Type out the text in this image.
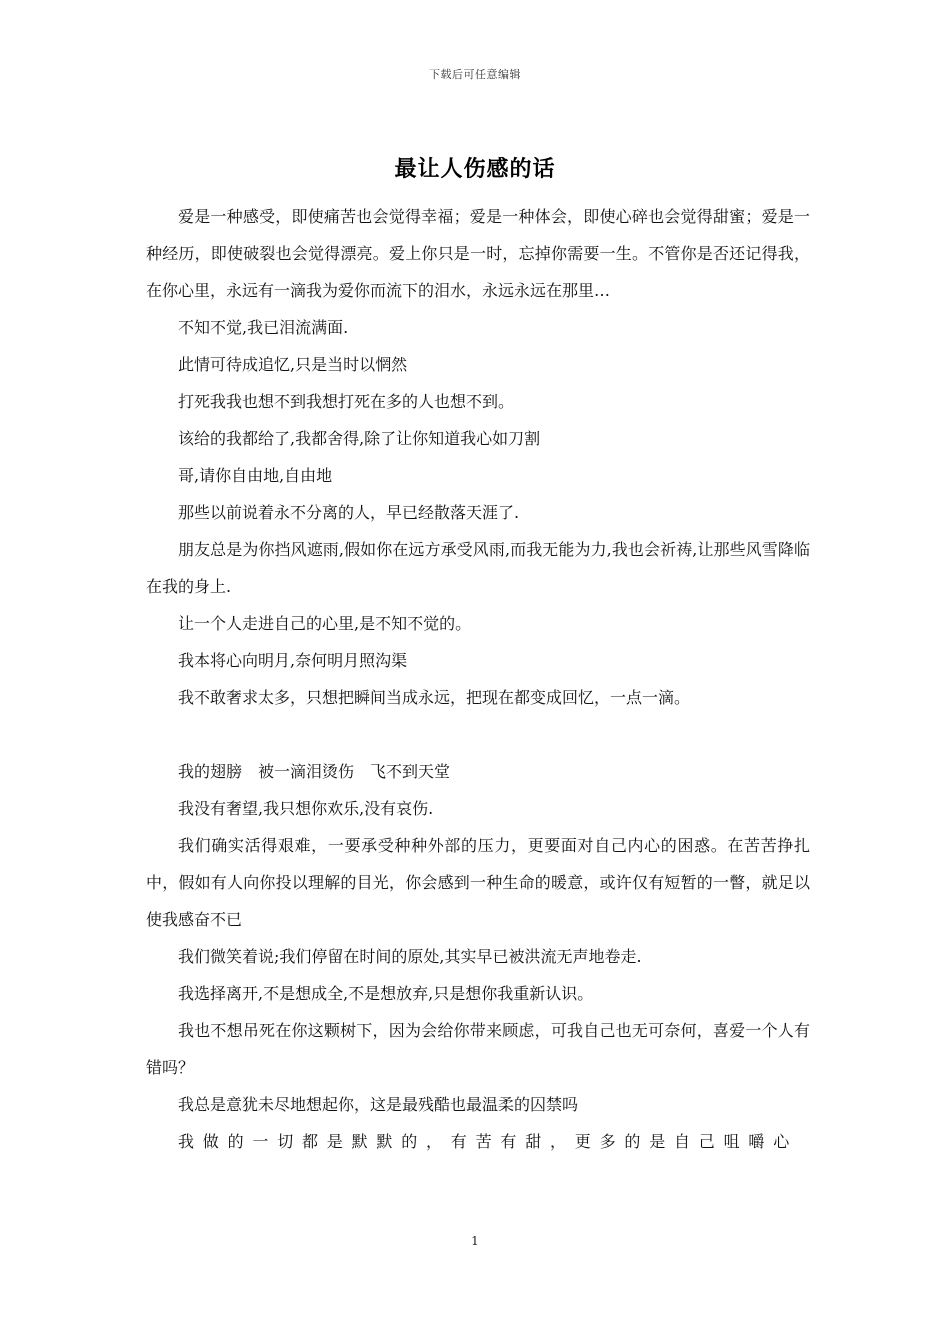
下载后可任意编辑
最让人伤感的话

爱是一种感受，即使痛苦也会觉得幸福；爱是一种体会，即使心碎也会觉得甜蜜；爱是一种经历，即使破裂也会觉得漂亮。爱上你只是一时，忘掉你需要一生。不管你是否还记得我，在你心里，永远有一滴我为爱你而流下的泪水，永远永远在那里…

不知不觉,我已泪流满面.

此情可待成追忆,只是当时以惘然

打死我我也想不到我想打死在多的人也想不到。

该给的我都给了,我都舍得,除了让你知道我心如刀割

哥,请你自由地,自由地

那些以前说着永不分离的人，早已经散落天涯了.

朋友总是为你挡风遮雨,假如你在远方承受风雨,而我无能为力,我也会祈祷,让那些风雪降临在我的身上.

让一个人走进自己的心里,是不知不觉的。

我本将心向明月,奈何明月照沟渠

我不敢奢求太多，只想把瞬间当成永远，把现在都变成回忆，一点一滴。

我的翅膀　被一滴泪烫伤　飞不到天堂

我没有奢望,我只想你欢乐,没有哀伤.

我们确实活得艰难，一要承受种种外部的压力，更要面对自己内心的困惑。在苦苦挣扎中，假如有人向你投以理解的目光，你会感到一种生命的暖意，或许仅有短暂的一瞥，就足以使我感奋不已

我们微笑着说;我们停留在时间的原处,其实早已被洪流无声地卷走.

我选择离开,不是想成全,不是想放弃,只是想你我重新认识。

我也不想吊死在你这颗树下，因为会给你带来顾虑，可我自己也无可奈何，喜爱一个人有错吗？

我总是意犹未尽地想起你，这是最残酷也最温柔的囚禁吗

我做的一切都是默默的，有苦有甜，更多的是自己咀嚼心

1
